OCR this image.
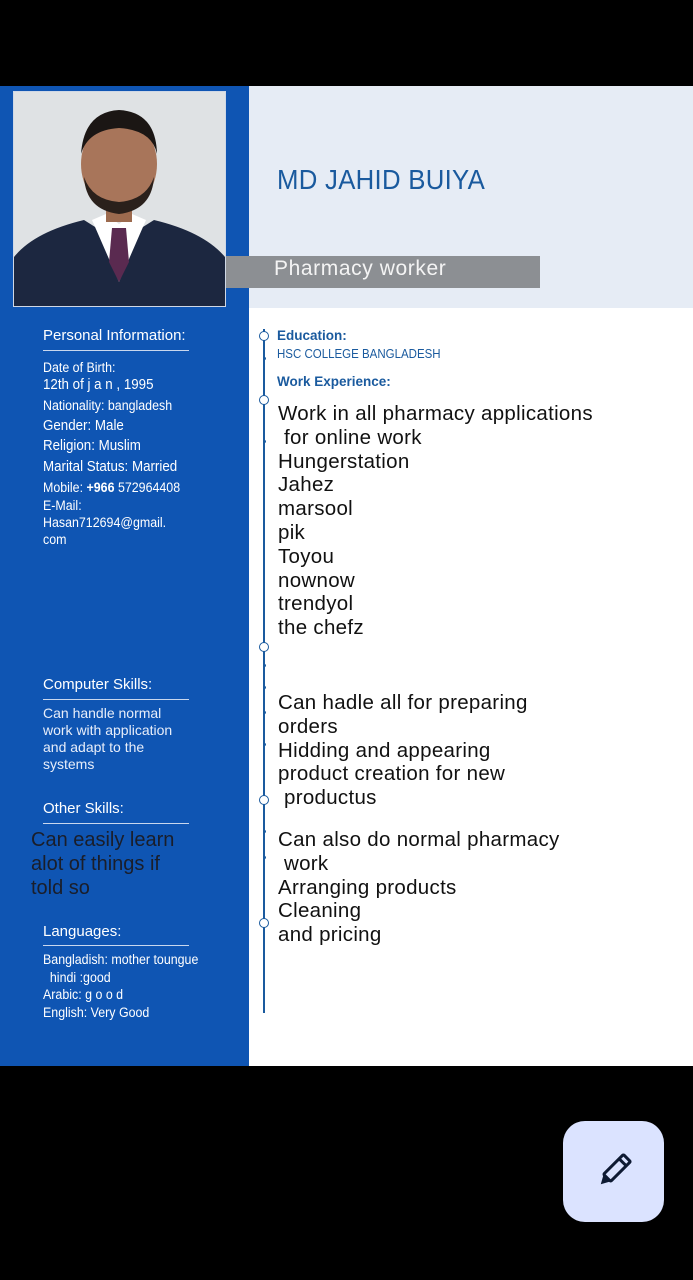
Personal Information:
Date of Birth:
12th of j a n , 1995
Nationality: bangladesh
Gender: Male
Religion: Muslim
Marital Status: Married
Mobile: +966 572964408
E-Mail:
Hasan712694@gmail.
com
Computer Skills:
Can handle normal
work with application
and adapt to the
systems
Other Skills:
Can easily learn
alot of things if
told so
Languages:
Bangladish: mother toungue
hindi :good
Arabic: g o o d
English: Very Good
MD JAHID BUIYA
Pharmacy worker
Education:
HSC COLLEGE BANGLADESH
Work Experience:
Work in all pharmacy applications
for online work
Hungerstation
Jahez
marsool
pik
Toyou
nownow
trendyol
the chefz
Can hadle all for preparing
orders
Hidding and appearing
product creation for new
productus
Can also do normal pharmacy
work
Arranging products
Cleaning
and pricing
